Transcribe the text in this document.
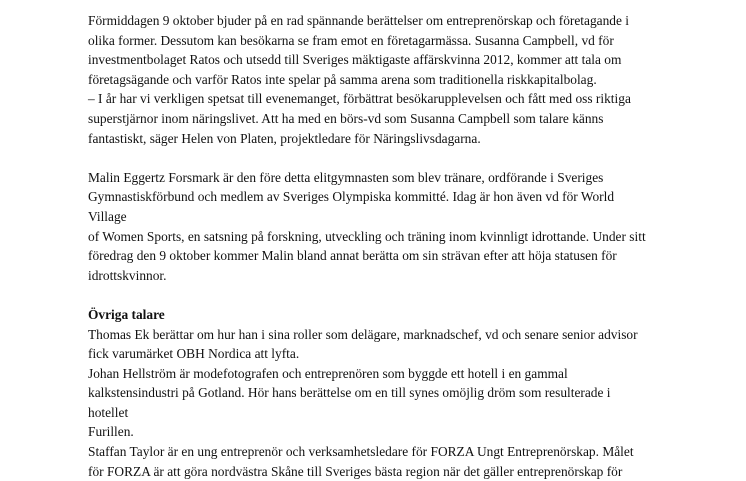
Förmiddagen 9 oktober bjuder på en rad spännande berättelser om entreprenörskap och företagande i

olika former. Dessutom kan besökarna se fram emot en företagarmässa. Susanna Campbell, vd för

investmentbolaget Ratos och utsedd till Sveriges mäktigaste affärskvinna 2012, kommer att tala om

företagsägande och varför Ratos inte spelar på samma arena som traditionella riskkapitalbolag.

– I år har vi verkligen spetsat till evenemanget, förbättrat besökarupplevelsen och fått med oss riktiga

superstjärnor inom näringslivet. Att ha med en börs-vd som Susanna Campbell som talare känns

fantastiskt, säger Helen von Platen, projektledare för Näringslivsdagarna.

Malin Eggertz Forsmark är den före detta elitgymnasten som blev tränare, ordförande i Sveriges

Gymnastiskförbund och medlem av Sveriges Olympiska kommitté. Idag är hon även vd för World Village

of Women Sports, en satsning på forskning, utveckling och träning inom kvinnligt idrottande. Under sitt

föredrag den 9 oktober kommer Malin bland annat berätta om sin strävan efter att höja statusen för

idrottskvinnor.

Övriga talare

Thomas Ek berättar om hur han i sina roller som delägare, marknadschef, vd och senare senior advisor

fick varumärket OBH Nordica att lyfta.

Johan Hellström är modefotografen och entreprenören som byggde ett hotell i en gammal

kalkstensindustri på Gotland. Hör hans berättelse om en till synes omöjlig dröm som resulterade i hotellet

Furillen.

Staffan Taylor är en ung entreprenör och verksamhetsledare för FORZA Ungt Entreprenörskap. Målet

för FORZA är att göra nordvästra Skåne till Sveriges bästa region när det gäller entreprenörskap för
